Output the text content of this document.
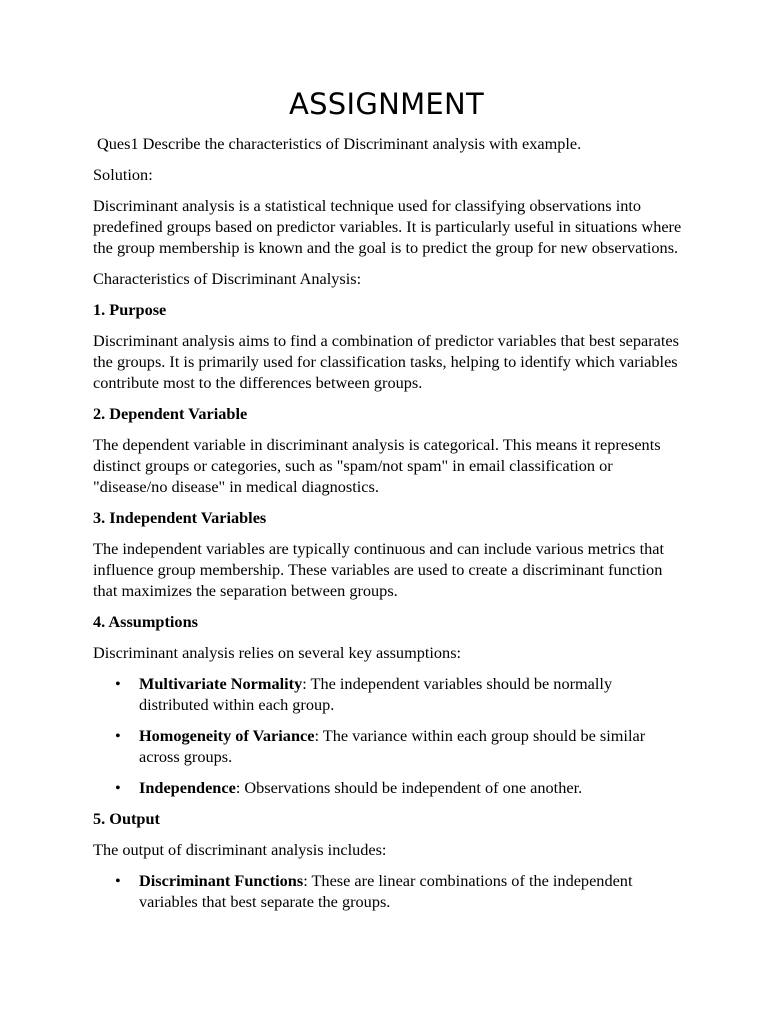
ASSIGNMENT

Ques1 Describe the characteristics of Discriminant analysis with example.

Solution:

Discriminant analysis is a statistical technique used for classifying observations into predefined groups based on predictor variables. It is particularly useful in situations where the group membership is known and the goal is to predict the group for new observations.

Characteristics of Discriminant Analysis:

1. Purpose

Discriminant analysis aims to find a combination of predictor variables that best separates the groups. It is primarily used for classification tasks, helping to identify which variables contribute most to the differences between groups.

2. Dependent Variable

The dependent variable in discriminant analysis is categorical. This means it represents distinct groups or categories, such as "spam/not spam" in email classification or "disease/no disease" in medical diagnostics.

3. Independent Variables

The independent variables are typically continuous and can include various metrics that influence group membership. These variables are used to create a discriminant function that maximizes the separation between groups.

4. Assumptions

Discriminant analysis relies on several key assumptions:

• Multivariate Normality: The independent variables should be normally distributed within each group.
• Homogeneity of Variance: The variance within each group should be similar across groups.
• Independence: Observations should be independent of one another.

5. Output

The output of discriminant analysis includes:

• Discriminant Functions: These are linear combinations of the independent variables that best separate the groups.
